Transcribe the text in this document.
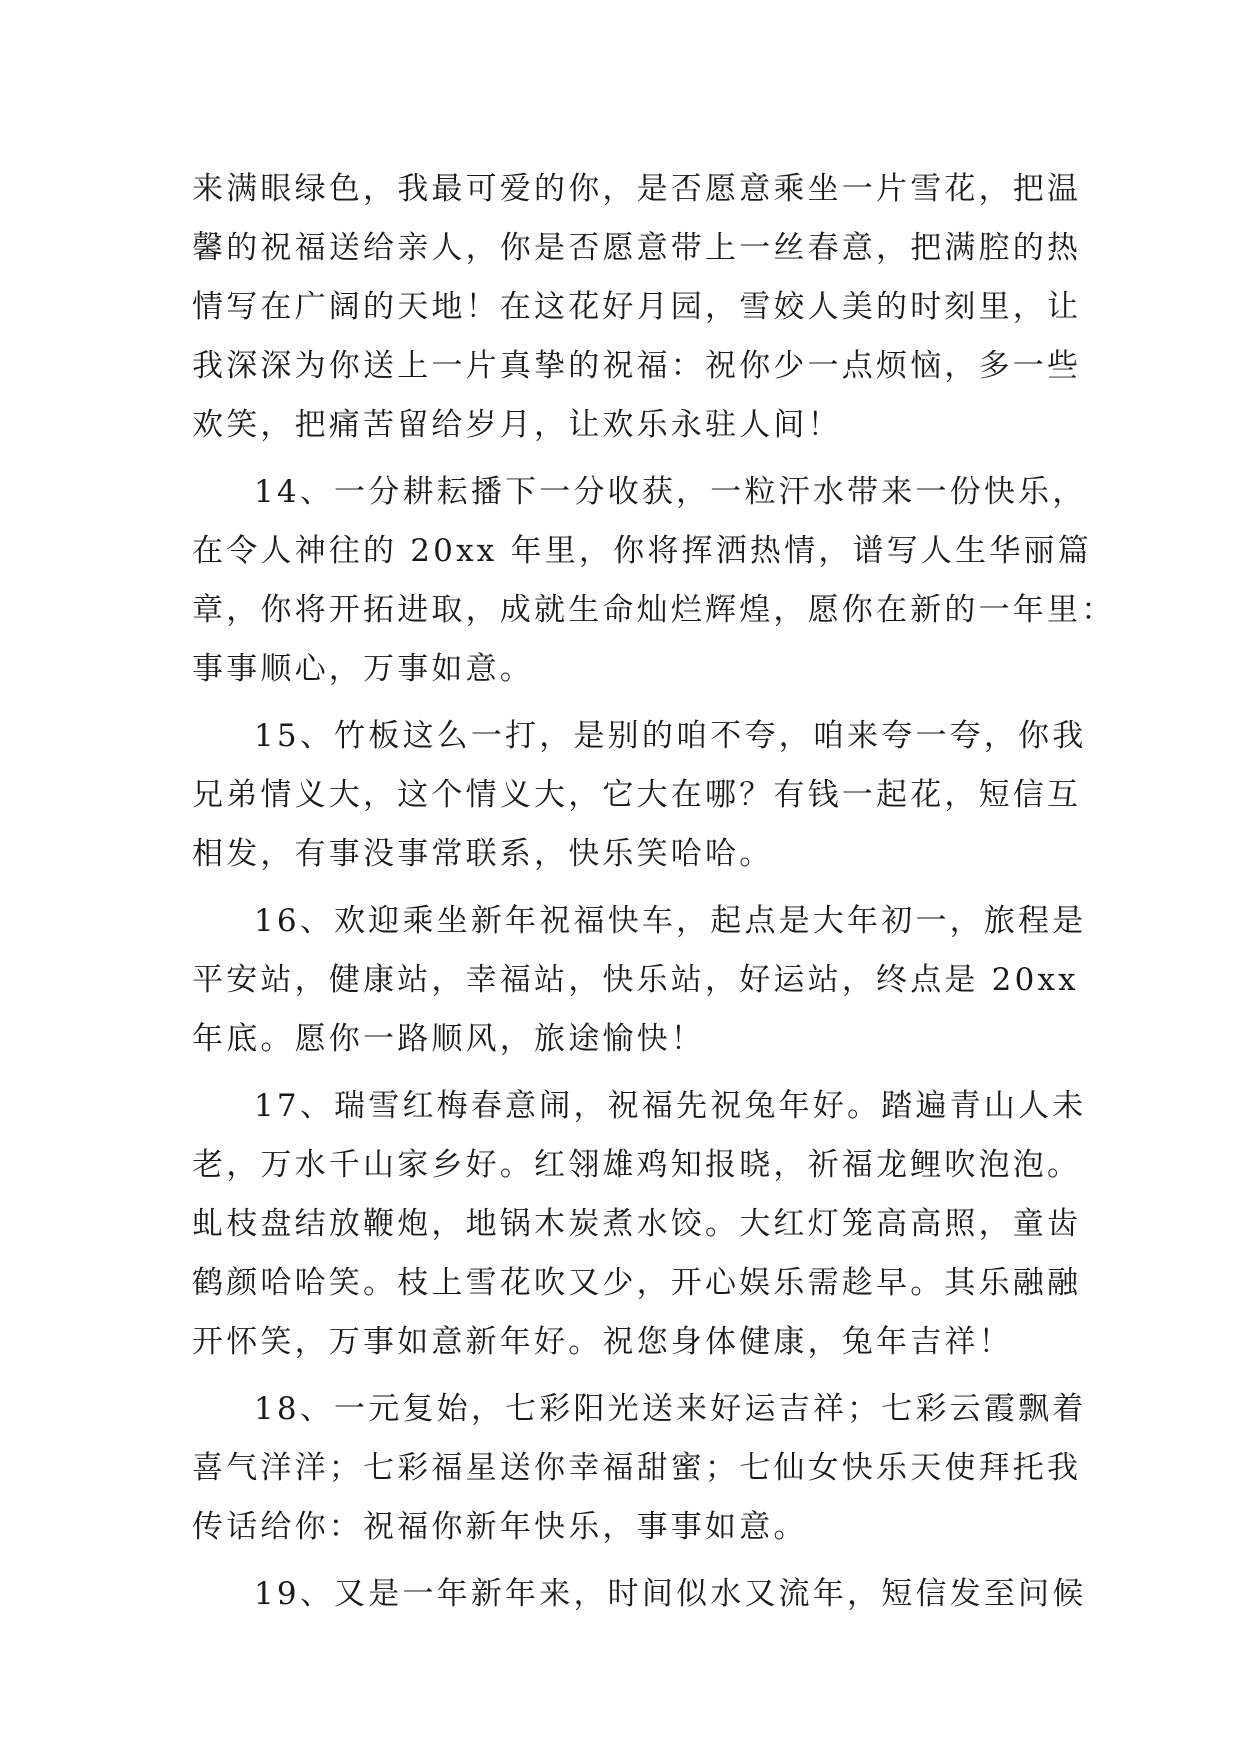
来满眼绿色，我最可爱的你，是否愿意乘坐一片雪花，把温
馨的祝福送给亲人，你是否愿意带上一丝春意，把满腔的热
情写在广阔的天地！在这花好月园，雪姣人美的时刻里，让
我深深为你送上一片真挚的祝福：祝你少一点烦恼，多一些
欢笑，把痛苦留给岁月，让欢乐永驻人间！
14、一分耕耘播下一分收获，一粒汗水带来一份快乐，
在令人神往的 20xx 年里，你将挥洒热情，谱写人生华丽篇
章，你将开拓进取，成就生命灿烂辉煌，愿你在新的一年里：
事事顺心，万事如意。
15、竹板这么一打，是别的咱不夸，咱来夸一夸，你我
兄弟情义大，这个情义大，它大在哪？有钱一起花，短信互
相发，有事没事常联系，快乐笑哈哈。
16、欢迎乘坐新年祝福快车，起点是大年初一，旅程是
平安站，健康站，幸福站，快乐站，好运站，终点是 20xx
年底。愿你一路顺风，旅途愉快！
17、瑞雪红梅春意闹，祝福先祝兔年好。踏遍青山人未
老，万水千山家乡好。红翎雄鸡知报晓，祈福龙鲤吹泡泡。
虬枝盘结放鞭炮，地锅木炭煮水饺。大红灯笼高高照，童齿
鹤颜哈哈笑。枝上雪花吹又少，开心娱乐需趁早。其乐融融
开怀笑，万事如意新年好。祝您身体健康，兔年吉祥！
18、一元复始，七彩阳光送来好运吉祥；七彩云霞飘着
喜气洋洋；七彩福星送你幸福甜蜜；七仙女快乐天使拜托我
传话给你：祝福你新年快乐，事事如意。
19、又是一年新年来，时间似水又流年，短信发至问候
